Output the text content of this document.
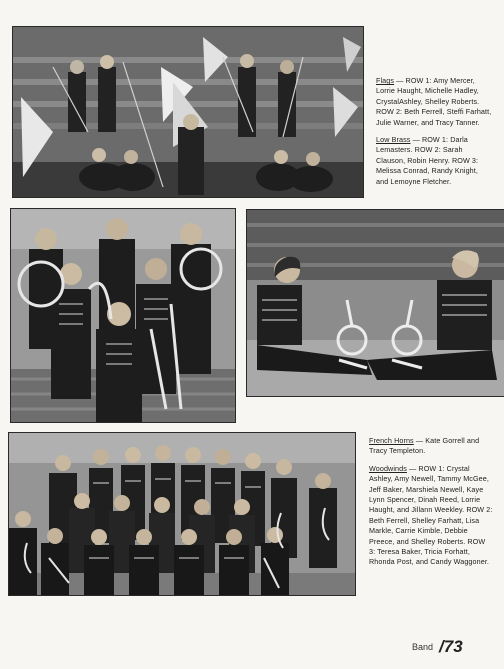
Flags — ROW 1: Amy Mercer, Lorrie Haught, Michelle Hadley, CrystalAshley, Shelley Roberts. ROW 2: Beth Ferrell, Steffi Farhatt, Julie Warner, and Tracy Tanner.

Low Brass — ROW 1: Darla Lemasters. ROW 2: Sarah Clauson, Robin Henry. ROW 3: Melissa Conrad, Randy Knight, and Lemoyne Fletcher.

French Horns — Kate Gorrell and Tracy Templeton.

Woodwinds — ROW 1: Crystal Ashley, Amy Newell, Tammy McGee, Jeff Baker, Marshiela Newell, Kaye Lynn Spencer, Dinah Reed, Lorrie Haught, and Jillann Weekley. ROW 2: Beth Ferrell, Shelley Farhatt, Lisa Markle, Carrie Kimble, Debbie Preece, and Shelley Roberts. ROW 3: Teresa Baker, Tricia Forhatt, Rhonda Post, and Candy Waggoner.

Band /73
